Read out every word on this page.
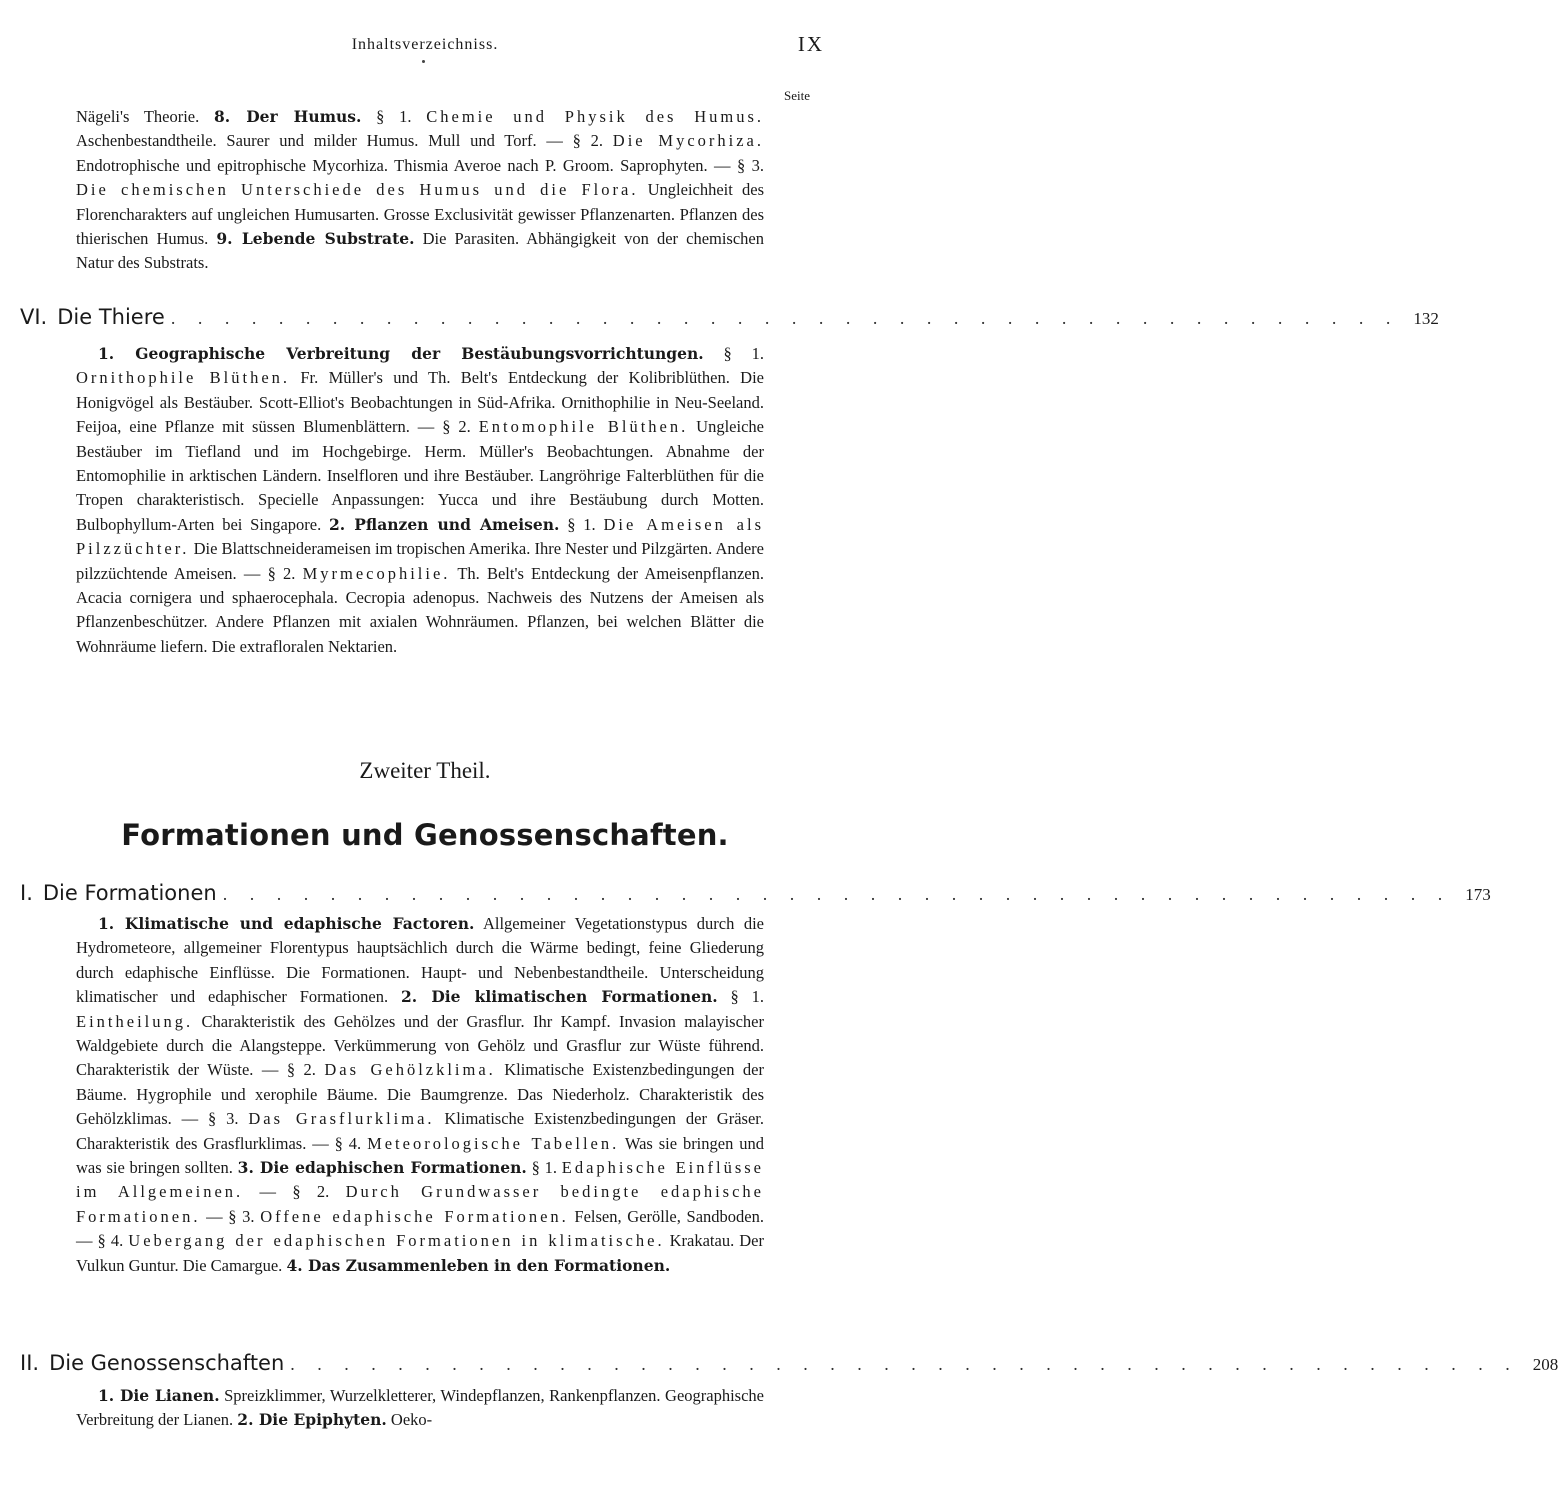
Inhaltsverzeichniss.	IX
Seite
Nägeli's Theorie. 8. Der Humus. § 1. Chemie und Physik des Humus. Aschenbestandtheile. Saurer und milder Humus. Mull und Torf. — § 2. Die Mycorhiza. Endotrophische und epitrophische Mycorhiza. Thismia Averoe nach P. Groom. Saprophyten. — § 3. Die chemischen Unterschiede des Humus und die Flora. Ungleichheit des Florencharakters auf ungleichen Humusarten. Grosse Exclusivität gewisser Pflanzenarten. Pflanzen des thierischen Humus. 9. Lebende Substrate. Die Parasiten. Abhängigkeit von der chemischen Natur des Substrats.
VI. Die Thiere . . . . . . . . . . . . . . . . . . . . . . . . . . . . . . . . . . . . . . . . . . . . . . 132
1. Geographische Verbreitung der Bestäubungsvorrichtungen. § 1. Ornithophile Blüthen. Fr. Müller's und Th. Belt's Entdeckung der Kolibriblüthen. Die Honigvögel als Bestäuber. Scott-Elliot's Beobachtungen in Süd-Afrika. Ornithophilie in Neu-Seeland. Feijoa, eine Pflanze mit süssen Blumenblättern. — § 2. Entomophile Blüthen. Ungleiche Bestäuber im Tiefland und im Hochgebirge. Herm. Müller's Beobachtungen. Abnahme der Entomophilie in arktischen Ländern. Inselfloren und ihre Bestäuber. Langröhrige Falterblüthen für die Tropen charakteristisch. Specielle Anpassungen: Yucca und ihre Bestäubung durch Motten. Bulbophyllum-Arten bei Singapore. 2. Pflanzen und Ameisen. § 1. Die Ameisen als Pilzzüchter. Die Blattschneiderameisen im tropischen Amerika. Ihre Nester und Pilzgärten. Andere pilzzüchtende Ameisen. — § 2. Myrmecophilie. Th. Belt's Entdeckung der Ameisenpflanzen. Acacia cornigera und sphaerocephala. Cecropia adenopus. Nachweis des Nutzens der Ameisen als Pflanzenbeschützer. Andere Pflanzen mit axialen Wohnräumen. Pflanzen, bei welchen Blätter die Wohnräume liefern. Die extrafloralen Nektarien.
Zweiter Theil.
Formationen und Genossenschaften.
I. Die Formationen . . . . . . . . . . . . . . . . . . . . . . . . . . . . . . . . . . . . . . . . . . . . . . 173
1. Klimatische und edaphische Factoren. Allgemeiner Vegetationstypus durch die Hydrometeore, allgemeiner Florentypus hauptsächlich durch die Wärme bedingt, feine Gliederung durch edaphische Einflüsse. Die Formationen. Haupt- und Nebenbestandtheile. Unterscheidung klimatischer und edaphischer Formationen. 2. Die klimatischen Formationen. § 1. Eintheilung. Charakteristik des Gehölzes und der Grasflur. Ihr Kampf. Invasion malayischer Waldgebiete durch die Alangsteppe. Verkümmerung von Gehölz und Grasflur zur Wüste führend. Charakteristik der Wüste. — § 2. Das Gehölzklima. Klimatische Existenzbedingungen der Bäume. Hygrophile und xerophile Bäume. Die Baumgrenze. Das Niederholz. Charakteristik des Gehölzklimas. — § 3. Das Grasflurklima. Klimatische Existenzbedingungen der Gräser. Charakteristik des Grasflurklimas. — § 4. Meteorologische Tabellen. Was sie bringen und was sie bringen sollten. 3. Die edaphischen Formationen. § 1. Edaphische Einflüsse im Allgemeinen. — § 2. Durch Grundwasser bedingte edaphische Formationen. — § 3. Offene edaphische Formationen. Felsen, Gerölle, Sandboden. — § 4. Uebergang der edaphischen Formationen in klimatische. Krakatau. Der Vulkun Guntur. Die Camargue. 4. Das Zusammenleben in den Formationen.
II. Die Genossenschaften . . . . . . . . . . . . . . . . . . . . . . . . . . . . . . . . . . . . . . . . . . . . . . 208
1. Die Lianen. Spreizklimmer, Wurzelkletterer, Windepflanzen, Rankenpflanzen. Geographische Verbreitung der Lianen. 2. Die Epiphyten. Oeko-
